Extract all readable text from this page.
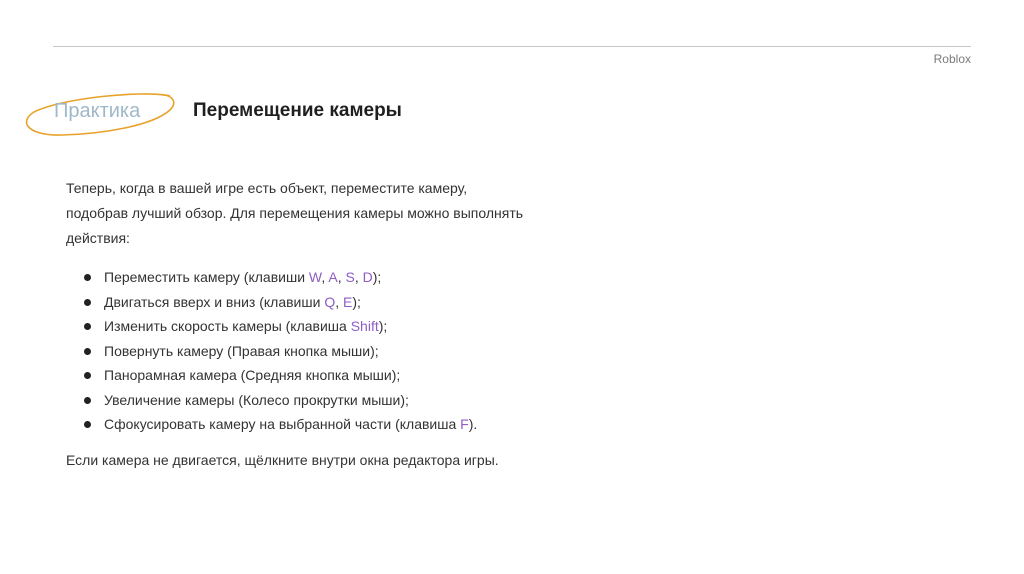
Roblox
Практика	Перемещение камеры
Теперь, когда в вашей игре есть объект, переместите камеру,
подобрав лучший обзор. Для перемещения камеры можно выполнять
действия:
Переместить камеру (клавиши W, A, S, D);
Двигаться вверх и вниз (клавиши Q, E);
Изменить скорость камеры (клавиша Shift);
Повернуть камеру (Правая кнопка мыши);
Панорамная камера (Средняя кнопка мыши);
Увеличение камеры (Колесо прокрутки мыши);
Сфокусировать камеру на выбранной части (клавиша F).
Если камера не двигается, щёлкните внутри окна редактора игры.
